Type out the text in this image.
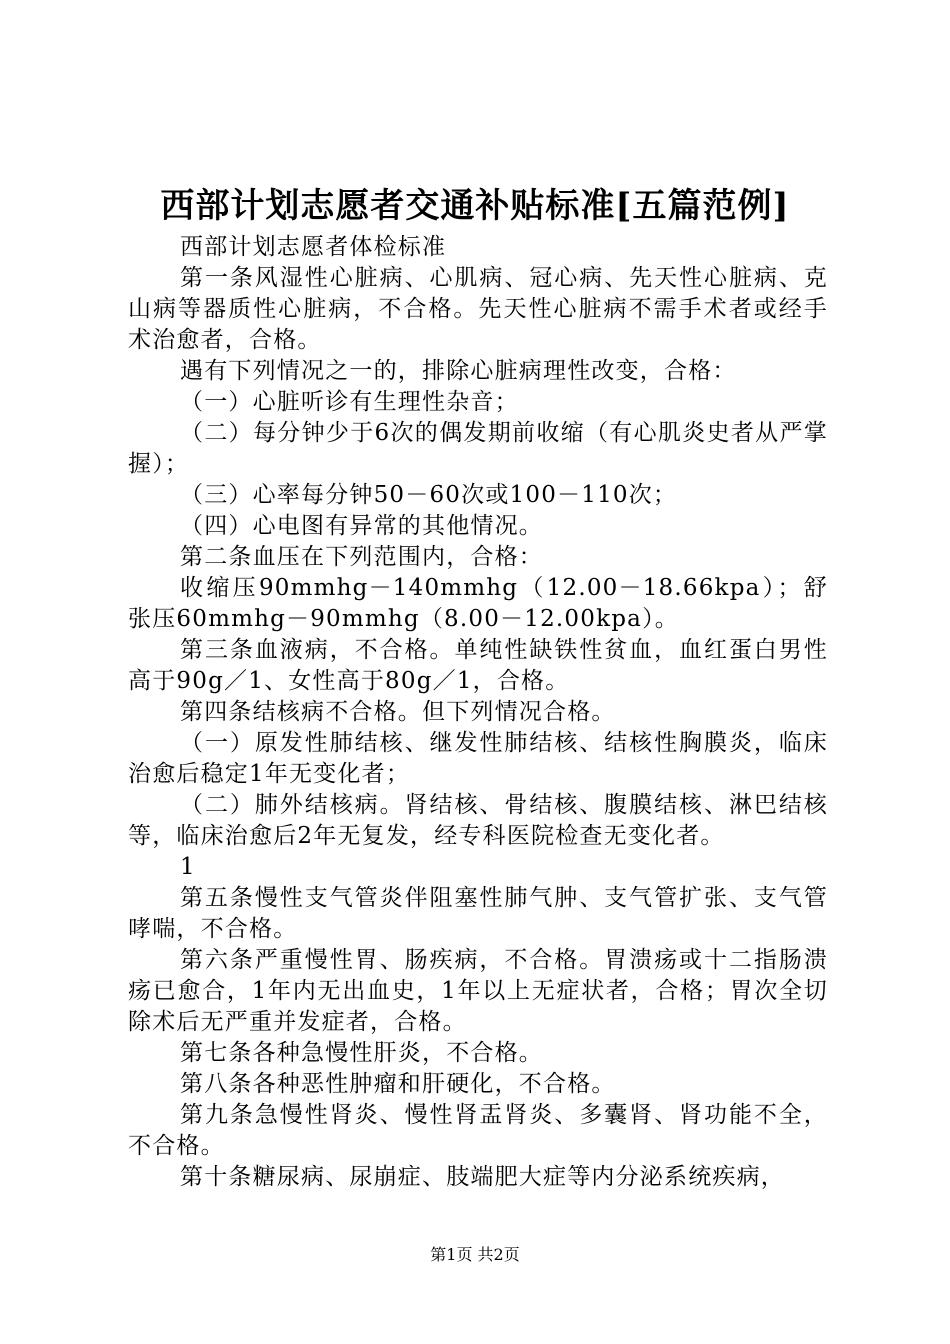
西部计划志愿者交通补贴标准[五篇范例]

西部计划志愿者体检标准

第一条风湿性心脏病、心肌病、冠心病、先天性心脏病、克山病等器质性心脏病，不合格。先天性心脏病不需手术者或经手术治愈者，合格。

遇有下列情况之一的，排除心脏病理性改变，合格：

（一）心脏听诊有生理性杂音；

（二）每分钟少于6次的偶发期前收缩（有心肌炎史者从严掌握）；

（三）心率每分钟50－60次或100－110次；

（四）心电图有异常的其他情况。

第二条血压在下列范围内，合格：

收缩压90mmhg－140mmhg（12.00－18.66kpa）；舒张压60mmhg－90mmhg（8.00－12.00kpa）。

第三条血液病，不合格。单纯性缺铁性贫血，血红蛋白男性高于90g／1、女性高于80g／1，合格。

第四条结核病不合格。但下列情况合格。

（一）原发性肺结核、继发性肺结核、结核性胸膜炎，临床治愈后稳定1年无变化者；

（二）肺外结核病。肾结核、骨结核、腹膜结核、淋巴结核等，临床治愈后2年无复发，经专科医院检查无变化者。

1

第五条慢性支气管炎伴阻塞性肺气肿、支气管扩张、支气管哮喘，不合格。

第六条严重慢性胃、肠疾病，不合格。胃溃疡或十二指肠溃疡已愈合，1年内无出血史，1年以上无症状者，合格；胃次全切除术后无严重并发症者，合格。

第七条各种急慢性肝炎，不合格。

第八条各种恶性肿瘤和肝硬化，不合格。

第九条急慢性肾炎、慢性肾盂肾炎、多囊肾、肾功能不全，不合格。

第十条糖尿病、尿崩症、肢端肥大症等内分泌系统疾病，

第1页 共2页
